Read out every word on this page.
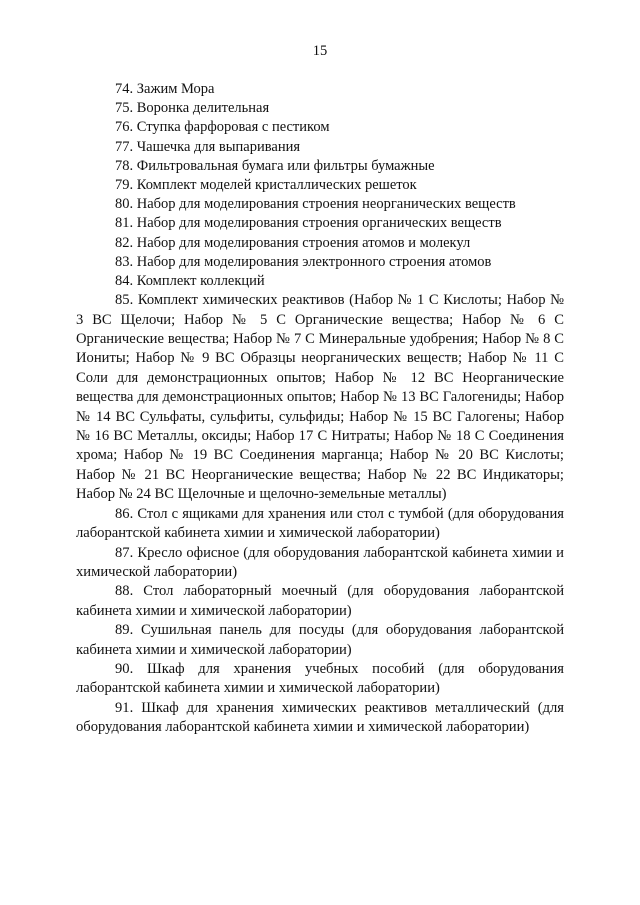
15

74. Зажим Мора

75. Воронка делительная

76. Ступка фарфоровая с пестиком

77. Чашечка для выпаривания

78. Фильтровальная бумага или фильтры бумажные

79. Комплект моделей кристаллических решеток

80. Набор для моделирования строения неорганических веществ

81. Набор для моделирования строения органических веществ

82. Набор для моделирования строения атомов и молекул

83. Набор для моделирования электронного строения атомов

84. Комплект коллекций

85. Комплект химических реактивов (Набор № 1 С Кислоты; Набор № 3 ВС Щелочи; Набор № 5 С Органические вещества; Набор № 6 С Органические вещества; Набор № 7 С Минеральные удобрения; Набор № 8 С Иониты; Набор № 9 ВС Образцы неорганических веществ; Набор № 11 С Соли для демонстрационных опытов; Набор № 12 ВС Неорганические вещества для демонстрационных опытов; Набор № 13 ВС Галогениды; Набор № 14 ВС Сульфаты, сульфиты, сульфиды; Набор № 15 ВС Галогены; Набор № 16 ВС Металлы, оксиды; Набор 17 С Нитраты; Набор № 18 С Соединения хрома; Набор № 19 ВС Соединения марганца; Набор № 20 ВС Кислоты; Набор № 21 ВС Неорганические вещества; Набор № 22 ВС Индикаторы; Набор № 24 ВС Щелочные и щелочно-земельные металлы)

86. Стол с ящиками для хранения или стол с тумбой (для оборудования лаборантской кабинета химии и химической лаборатории)

87. Кресло офисное (для оборудования лаборантской кабинета химии и химической лаборатории)

88. Стол лабораторный моечный (для оборудования лаборантской кабинета химии и химической лаборатории)

89. Сушильная панель для посуды (для оборудования лаборантской кабинета химии и химической лаборатории)

90. Шкаф для хранения учебных пособий (для оборудования лаборантской кабинета химии и химической лаборатории)

91. Шкаф для хранения химических реактивов металлический (для оборудования лаборантской кабинета химии и химической лаборатории)
